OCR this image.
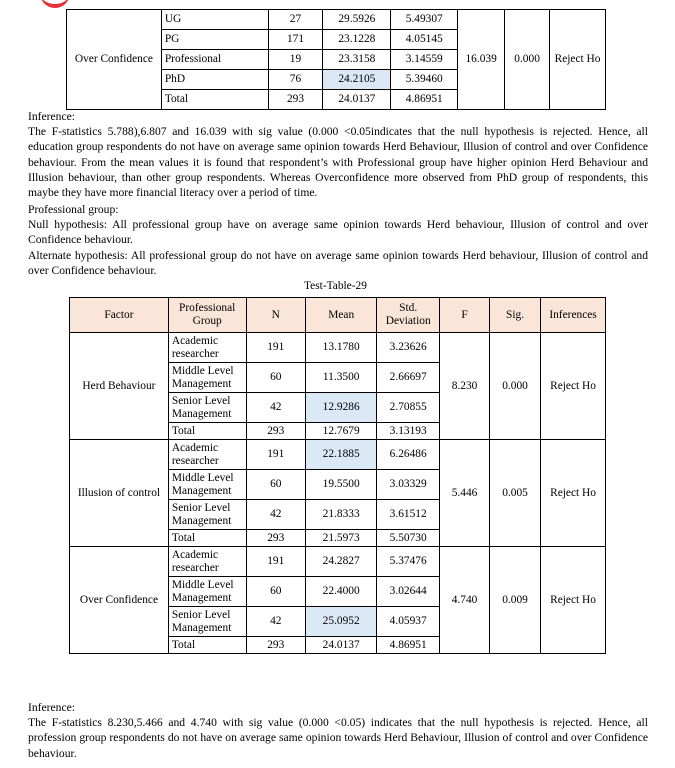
Over Confidence	UG	27	29.5926	5.49307	16.039	0.000	Reject Ho
	PG	171	23.1228	4.05145			
	Professional	19	23.3158	3.14559			
	PhD	76	24.2105	5.39460			
	Total	293	24.0137	4.86951			

Inference:

The F-statistics 5.788),6.807 and 16.039 with sig value (0.000 <0.05indicates that the null hypothesis is rejected. Hence, all education group respondents do not have on average same opinion towards Herd Behaviour, Illusion of control and over Confidence behaviour. From the mean values it is found that respondent’s with Professional group have higher opinion Herd Behaviour and Illusion behaviour, than other group respondents. Whereas Overconfidence more observed from PhD group of respondents, this maybe they have more financial literacy over a period of time.

Professional group:

Null hypothesis: All professional group have on average same opinion towards Herd behaviour, Illusion of control and over Confidence behaviour.

Alternate hypothesis: All professional group do not have on average same opinion towards Herd behaviour, Illusion of control and over Confidence behaviour.

Test-Table-29
Factor	Professional Group	N	Mean	Std. Deviation	F	Sig.	Inferences
Herd Behaviour	Academic researcher	191	13.1780	3.23626	8.230	0.000	Reject Ho
	Middle Level Management	60	11.3500	2.66697			
	Senior Level Management	42	12.9286	2.70855			
	Total	293	12.7679	3.13193			
Illusion of control	Academic researcher	191	22.1885	6.26486	5.446	0.005	Reject Ho
	Middle Level Management	60	19.5500	3.03329			
	Senior Level Management	42	21.8333	3.61512			
	Total	293	21.5973	5.50730			
Over Confidence	Academic researcher	191	24.2827	5.37476	4.740	0.009	Reject Ho
	Middle Level Management	60	22.4000	3.02644			
	Senior Level Management	42	25.0952	4.05937			
	Total	293	24.0137	4.86951			

Inference:

The F-statistics 8.230,5.466 and 4.740 with sig value (0.000 <0.05) indicates that the null hypothesis is rejected. Hence, all profession group respondents do not have on average same opinion towards Herd Behaviour, Illusion of control and over Confidence behaviour.
